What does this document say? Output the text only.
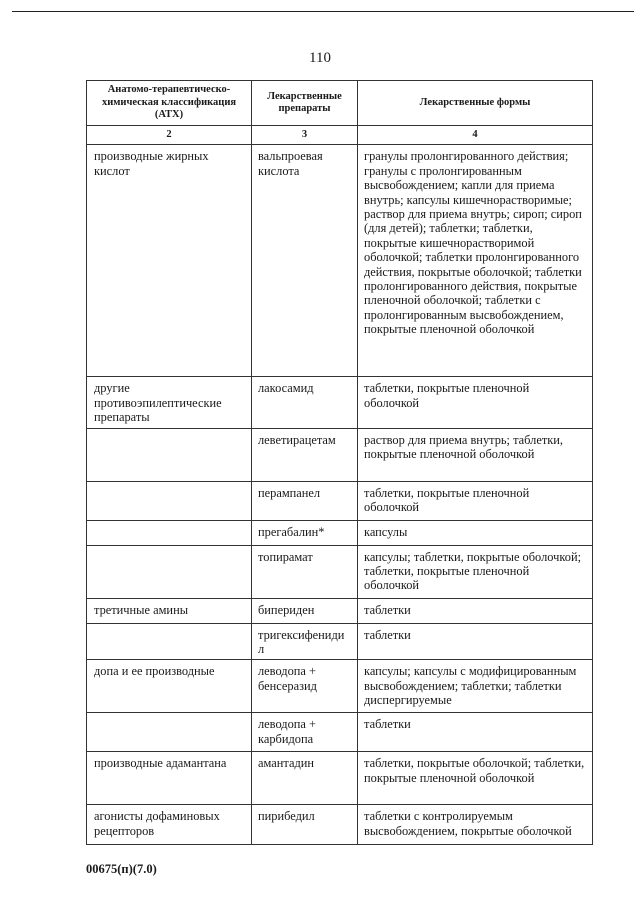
110
Анатомо-терапевтическо-химическая классификация (АТХ)	Лекарственные препараты	Лекарственные формы
2	3	4
производные жирных кислот	вальпроевая кислота	гранулы пролонгированного действия; гранулы с пролонгированным высвобождением; капли для приема внутрь; капсулы кишечнорастворимые; раствор для приема внутрь; сироп; сироп (для детей); таблетки; таблетки, покрытые кишечнорастворимой оболочкой; таблетки пролонгированного действия, покрытые оболочкой; таблетки пролонгированного действия, покрытые пленочной оболочкой; таблетки с пролонгированным высвобождением, покрытые пленочной оболочкой
другие противоэпилептические препараты	лакосамид	таблетки, покрытые пленочной оболочкой
	леветирацетам	раствор для приема внутрь; таблетки, покрытые пленочной оболочкой
	перампанел	таблетки, покрытые пленочной оболочкой
	прегабалин*	капсулы
	топирамат	капсулы; таблетки, покрытые оболочкой; таблетки, покрытые пленочной оболочкой
третичные амины	бипериден	таблетки
	тригексифенидил	таблетки
допа и ее производные	леводопа + бенсеразид	капсулы; капсулы с модифицированным высвобождением; таблетки; таблетки диспергируемые
	леводопа + карбидопа	таблетки
производные адамантана	амантадин	таблетки, покрытые оболочкой; таблетки, покрытые пленочной оболочкой
агонисты дофаминовых рецепторов	пирибедил	таблетки с контролируемым высвобождением, покрытые оболочкой
00675(п)(7.0)
